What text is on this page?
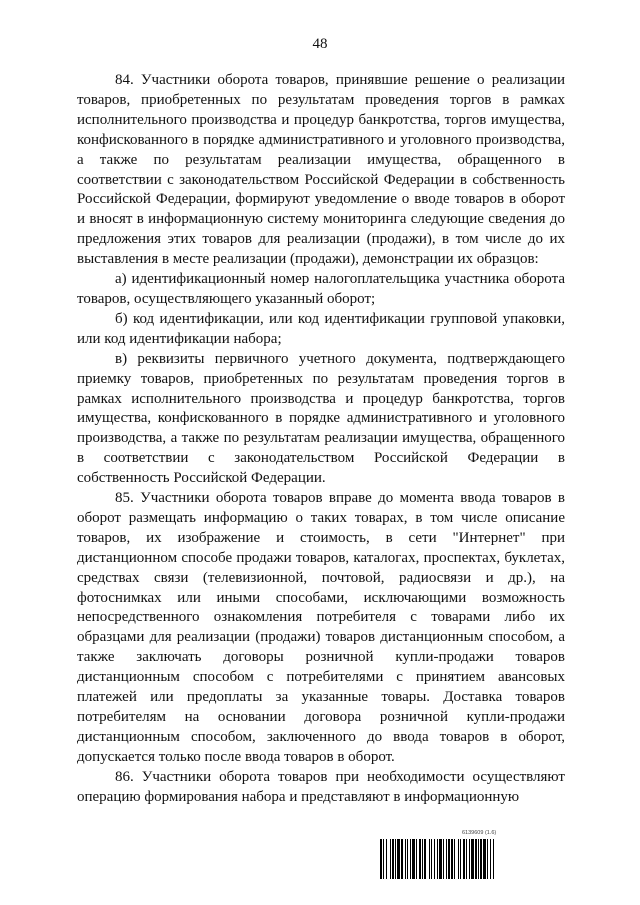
48

84. Участники оборота товаров, принявшие решение о реализации товаров, приобретенных по результатам проведения торгов в рамках исполнительного производства и процедур банкротства, торгов имущества, конфискованного в порядке административного и уголовного производства, а также по результатам реализации имущества, обращенного в соответствии с законодательством Российской Федерации в собственность Российской Федерации, формируют уведомление о вводе товаров в оборот и вносят в информационную систему мониторинга следующие сведения до предложения этих товаров для реализации (продажи), в том числе до их выставления в месте реализации (продажи), демонстрации их образцов:

а) идентификационный номер налогоплательщика участника оборота товаров, осуществляющего указанный оборот;

б) код идентификации, или код идентификации групповой упаковки, или код идентификации набора;

в) реквизиты первичного учетного документа, подтверждающего приемку товаров, приобретенных по результатам проведения торгов в рамках исполнительного производства и процедур банкротства, торгов имущества, конфискованного в порядке административного и уголовного производства, а также по результатам реализации имущества, обращенного в соответствии с законодательством Российской Федерации в собственность Российской Федерации.

85. Участники оборота товаров вправе до момента ввода товаров в оборот размещать информацию о таких товарах, в том числе описание товаров, их изображение и стоимость, в сети "Интернет" при дистанционном способе продажи товаров, каталогах, проспектах, буклетах, средствах связи (телевизионной, почтовой, радиосвязи и др.), на фотоснимках или иными способами, исключающими возможность непосредственного ознакомления потребителя с товарами либо их образцами для реализации (продажи) товаров дистанционным способом, а также заключать договоры розничной купли-продажи товаров дистанционным способом с потребителями с принятием авансовых платежей или предоплаты за указанные товары. Доставка товаров потребителям на основании договора розничной купли-продажи дистанционным способом, заключенного до ввода товаров в оборот, допускается только после ввода товаров в оборот.

86. Участники оборота товаров при необходимости осуществляют операцию формирования набора и представляют в информационную

6139609 (1.6)
